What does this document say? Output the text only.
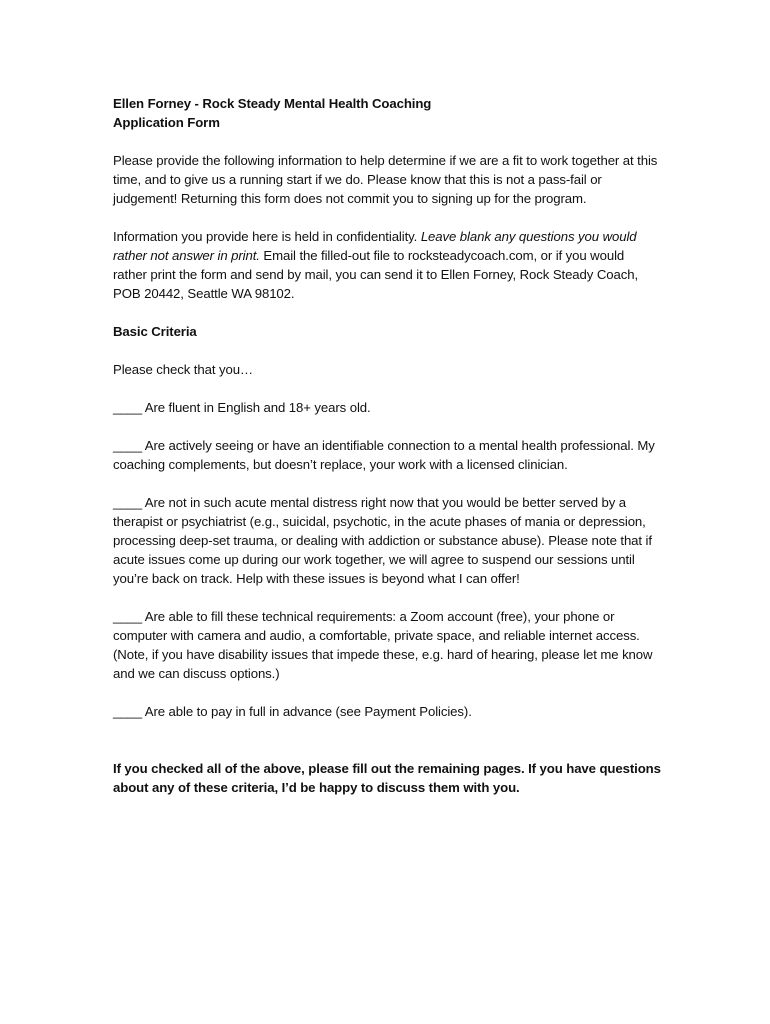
Ellen Forney - Rock Steady Mental Health Coaching
Application Form

Please provide the following information to help determine if we are a fit to work together at this time, and to give us a running start if we do. Please know that this is not a pass-fail or judgement! Returning this form does not commit you to signing up for the program.

Information you provide here is held in confidentiality. Leave blank any questions you would rather not answer in print. Email the filled-out file to rocksteadycoach.com, or if you would rather print the form and send by mail, you can send it to Ellen Forney, Rock Steady Coach, POB 20442, Seattle WA 98102.

Basic Criteria

Please check that you…

____ Are fluent in English and 18+ years old.
____ Are actively seeing or have an identifiable connection to a mental health professional. My coaching complements, but doesn’t replace, your work with a licensed clinician.
____ Are not in such acute mental distress right now that you would be better served by a therapist or psychiatrist (e.g., suicidal, psychotic, in the acute phases of mania or depression, processing deep-set trauma, or dealing with addiction or substance abuse). Please note that if acute issues come up during our work together, we will agree to suspend our sessions until you’re back on track. Help with these issues is beyond what I can offer!
____ Are able to fill these technical requirements: a Zoom account (free), your phone or computer with camera and audio, a comfortable, private space, and reliable internet access. (Note, if you have disability issues that impede these, e.g. hard of hearing, please let me know and we can discuss options.)
____ Are able to pay in full in advance (see Payment Policies).

If you checked all of the above, please fill out the remaining pages. If you have questions about any of these criteria, I’d be happy to discuss them with you.
